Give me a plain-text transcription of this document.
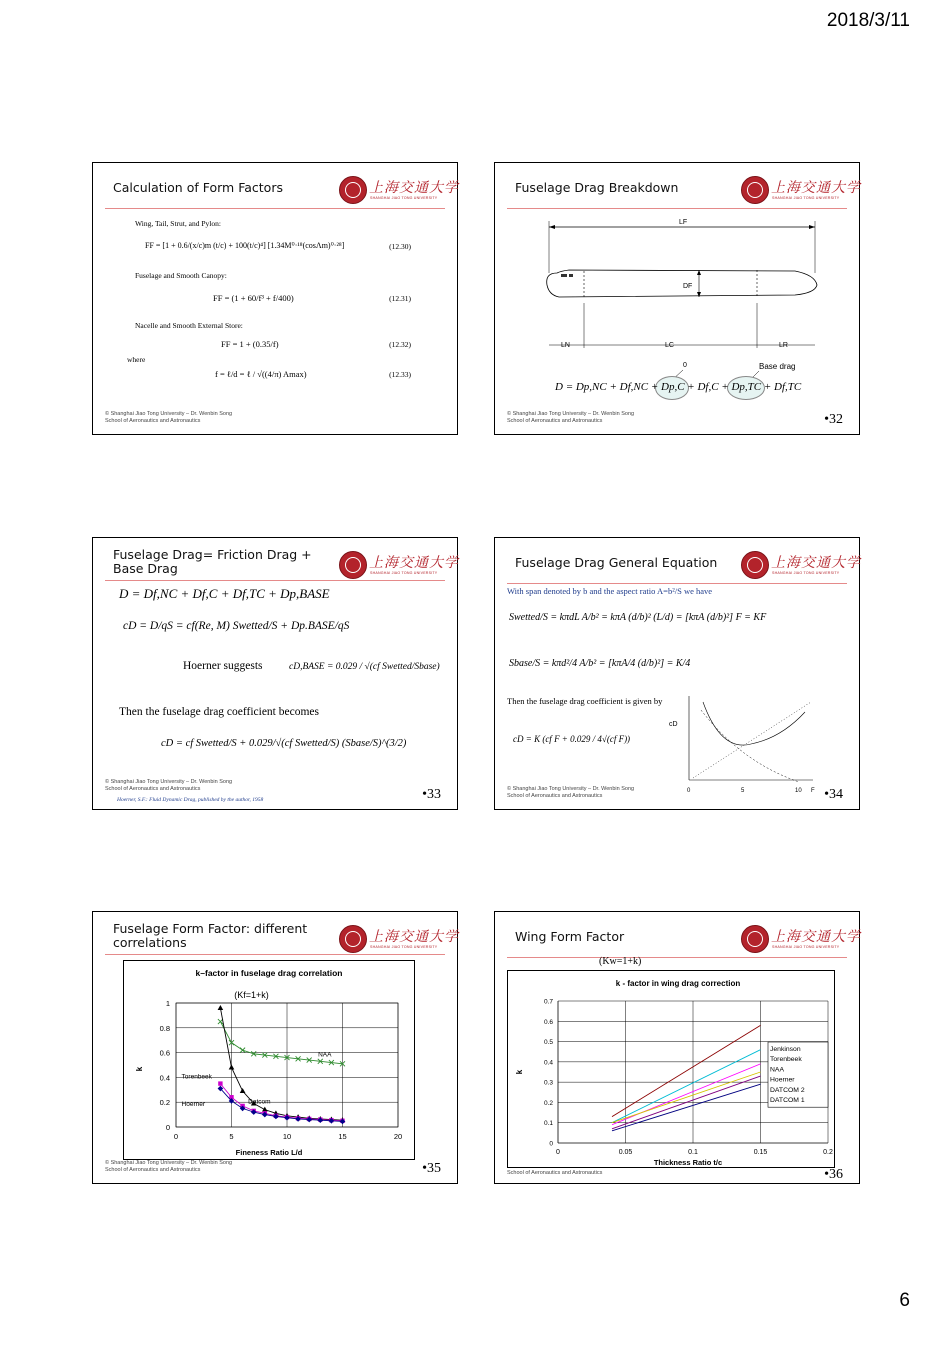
2018/3/11
Calculation of Form Factors	上海交通大学
SHANGHAI JIAO TONG UNIVERSITY
Wing, Tail, Strut, and Pylon:
FF = [1 + 0.6/(x/c)m (t/c) + 100(t/c)⁴] [1.34M⁰·¹⁸(cosΛm)⁰·²⁸]	(12.30)
Fuselage and Smooth Canopy:
FF = (1 + 60/f³ + f/400)	(12.31)
Nacelle and Smooth External Store:
FF = 1 + (0.35/f)	(12.32)
where
f = ℓ/d = ℓ / √((4/π) Amax)	(12.33)
© Shanghai Jiao Tong University – Dr. Wenbin Song
School of Aeronautics and Astronautics
Fuselage Drag Breakdown	上海交通大学
SHANGHAI JIAO TONG UNIVERSITY
LF
DF
LN	LC	LR
0	Base drag
D = Dp,NC + Df,NC + Dp,C + Df,C + Dp,TC + Df,TC
© Shanghai Jiao Tong University – Dr. Wenbin Song
School of Aeronautics and Astronautics	•32
Fuselage Drag= Friction Drag + Base Drag	上海交通大学
SHANGHAI JIAO TONG UNIVERSITY
D = Df,NC + Df,C + Df,TC + Dp,BASE
cD = D/qS = cf(Re, M) Swetted/S + Dp.BASE/qS
Hoerner suggests	cD,BASE = 0.029 / √(cf Swetted/Sbase)
Then the fuselage drag coefficient becomes
cD = cf Swetted/S + 0.029/√(cf Swetted/S) (Sbase/S)^(3/2)
© Shanghai Jiao Tong University – Dr. Wenbin Song
School of Aeronautics and Astronautics
Hoerner, S.F.: Fluid Dynamic Drag, published by the author, 1958	•33
Fuselage Drag General Equation	上海交通大学
SHANGHAI JIAO TONG UNIVERSITY
With span denoted by b and the aspect ratio A=b²/S we have
Swetted/S = kπdL A/b² = kπA (d/b)² (L/d) = [kπA (d/b)²] F = KF
Sbase/S = kπd²/4 A/b² = [kπA/4 (d/b)²] = K/4
Then the fuselage drag coefficient is given by
cD = K (cf F + 0.029 / 4√(cf F))
cD
0	5	10 F
© Shanghai Jiao Tong University – Dr. Wenbin Song
School of Aeronautics and Astronautics	•34
Fuselage Form Factor: different correlations	上海交通大学
SHANGHAI JIAO TONG UNIVERSITY
k–factor in fuselage drag correlation
(Kf=1+k)
0
0.2
0.4
0.6
0.8
1
0	5	10	15	20
Fineness Ratio L/d
k
NAA
Torenbeek
Hoerner	Datcom
© Shanghai Jiao Tong University – Dr. Wenbin Song
School of Aeronautics and Astronautics	•35
Wing Form Factor	上海交通大学
SHANGHAI JIAO TONG UNIVERSITY
(Kw=1+k)
k - factor in wing drag correction
0
0.1
0.2
0.3
0.4
0.5
0.6
0.7
0	0.05	0.1	0.15	0.2
Thickness Ratio t/c
k
Jenkinson
Torenbeek
NAA
Hoerner
DATCOM 2
DATCOM 1
School of Aeronautics and Astronautics	•36
6
